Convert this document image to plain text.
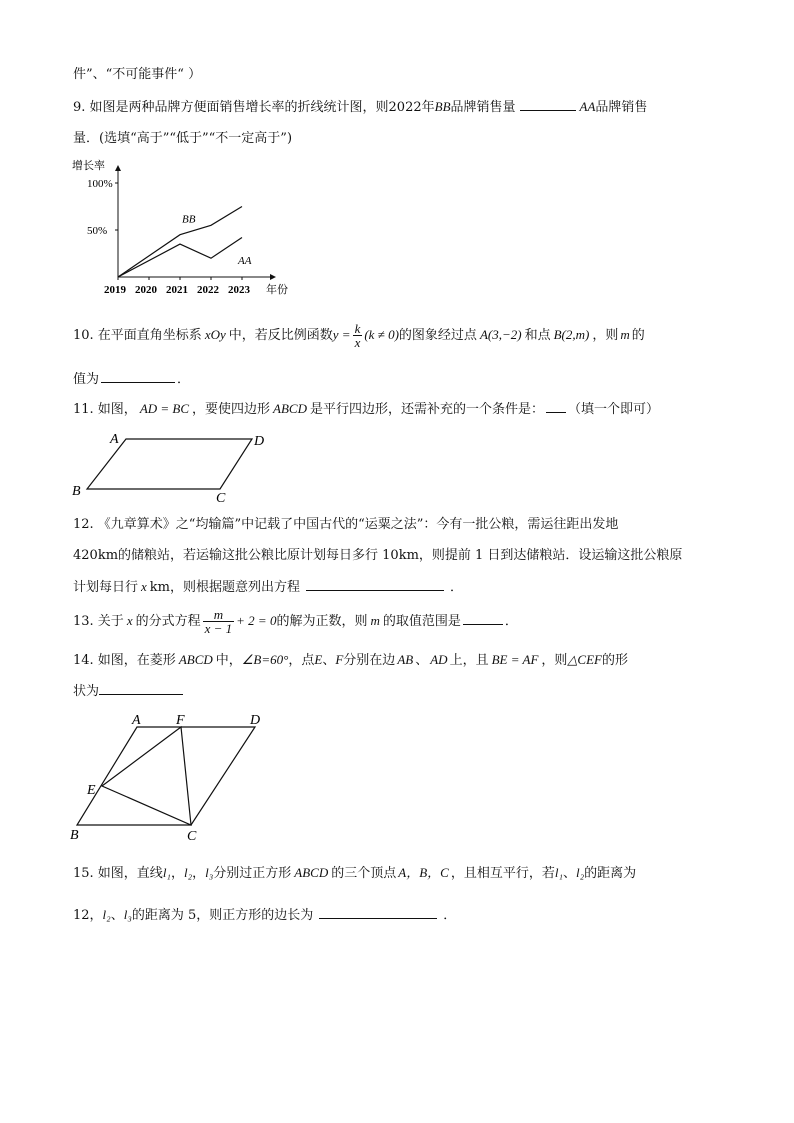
件”、“不可能事件“ ）
9. 如图是两种品牌方便面销售增长率的折线统计图，则2022年BB品牌销售量	AA品牌销售
量．(选填“高于”“低于”“不一定高于”)
增长率
年份
100%
50%
2019 2020 2021 2022 2023
BB
AA
10. 在平面直角坐标系 xOy 中，若反比例函数$y = \frac{k}{x} (k \ne 0)$的图象经过点 A(3,−2) 和点 B(2,m) ，则 m 的
值为	．
11. 如图， AD = BC ，要使四边形 ABCD 是平行四边形，还需补充的一个条件是： （填一个即可）
A	D
B	C
12. 《九章算术》之“均输篇”中记载了中国古代的“运粟之法”：今有一批公粮，需运往距出发地
420km的储粮站，若运输这批公粮比原计划每日多行 10km，则提前 1 日到达储粮站．设运输这批公粮原
计划每日行 x km，则根据题意列出方程	．
13. 关于 x 的分式方程 $\frac{m}{x - 1} + 2 = 0$的解为正数，则 m 的取值范围是	．
14. 如图，在菱形 ABCD 中，∠B=60°，点E、F分别在边 AB 、 AD 上，且 BE = AF ，则△CEF的形
状为
A	F	D
E
B	C
15. 如图，直线l₁，l₂，l₃分别过正方形 ABCD 的三个顶点 A，B，C ，且相互平行，若l₁、l₂的距离为
12，l₂、l₃的距离为 5，则正方形的边长为	．
